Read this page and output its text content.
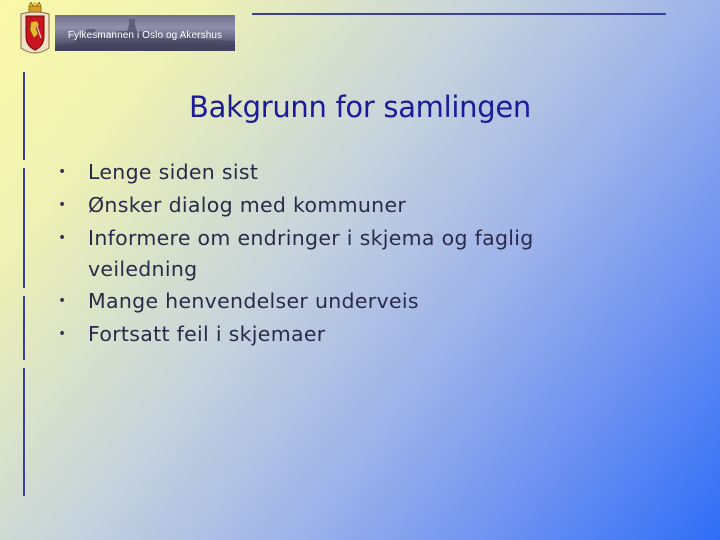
Fylkesmannen i Oslo og Akershus
Bakgrunn for samlingen
• Lenge siden sist
• Ønsker dialog med kommuner
• Informere om endringer i skjema og faglig veiledning
• Mange henvendelser underveis
• Fortsatt feil i skjemaer
